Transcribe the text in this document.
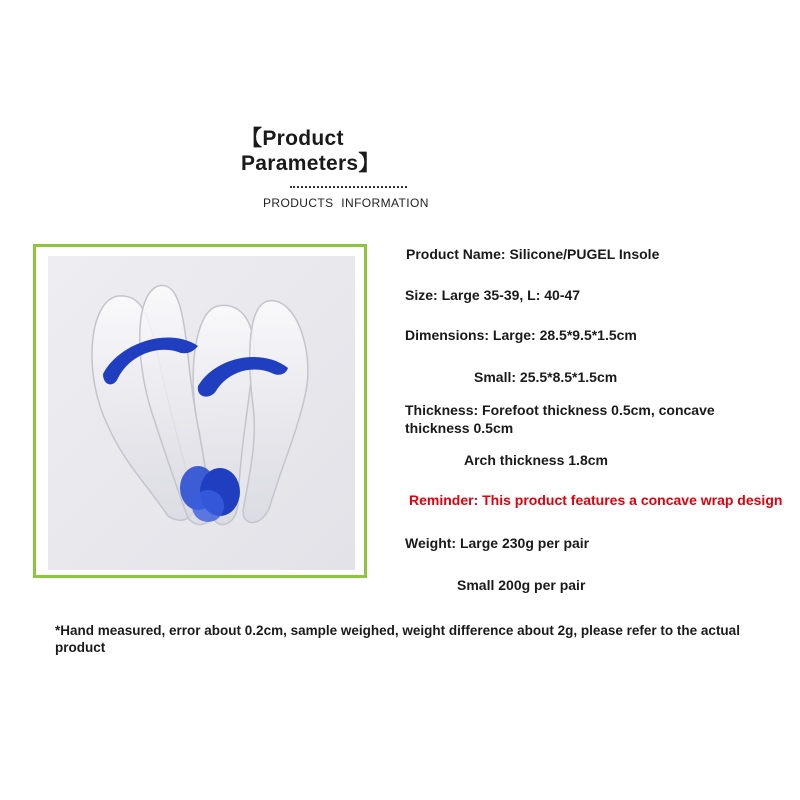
【Product
Parameters】
PRODUCTS INFORMATION
Product Name: Silicone/PUGEL Insole
Size: Large 35-39, L: 40-47
Dimensions: Large: 28.5*9.5*1.5cm
Small: 25.5*8.5*1.5cm
Thickness: Forefoot thickness 0.5cm, concave
thickness 0.5cm
Arch thickness 1.8cm
Reminder: This product features a concave wrap design
Weight: Large 230g per pair
Small 200g per pair
*Hand measured, error about 0.2cm, sample weighed, weight difference about 2g, please refer to the actual
product
